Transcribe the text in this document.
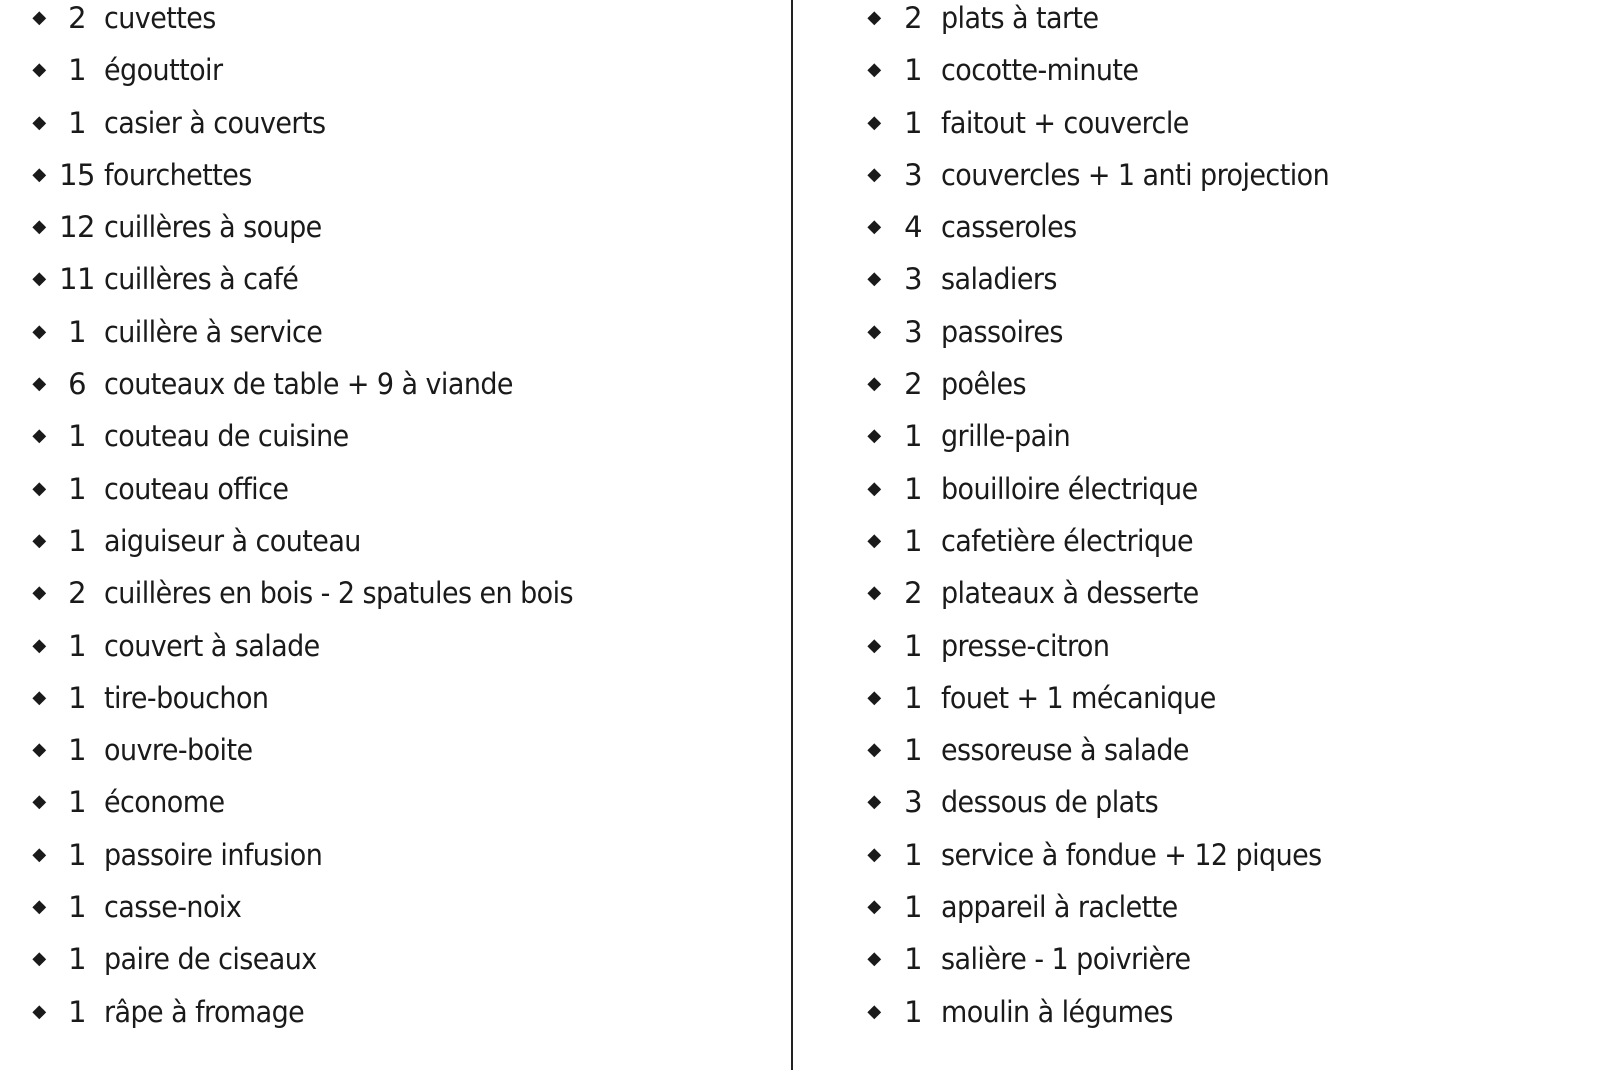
◆ 2 cuvettes
◆ 1 égouttoir
◆ 1 casier à couverts
◆ 15 fourchettes
◆ 12 cuillères à soupe
◆ 11 cuillères à café
◆ 1 cuillère à service
◆ 6 couteaux de table + 9 à viande
◆ 1 couteau de cuisine
◆ 1 couteau office
◆ 1 aiguiseur à couteau
◆ 2 cuillères en bois - 2 spatules en bois
◆ 1 couvert à salade
◆ 1 tire-bouchon
◆ 1 ouvre-boite
◆ 1 économe
◆ 1 passoire infusion
◆ 1 casse-noix
◆ 1 paire de ciseaux
◆ 1 râpe à fromage
◆ 2 plats à tarte
◆ 1 cocotte-minute
◆ 1 faitout + couvercle
◆ 3 couvercles + 1 anti projection
◆ 4 casseroles
◆ 3 saladiers
◆ 3 passoires
◆ 2 poêles
◆ 1 grille-pain
◆ 1 bouilloire électrique
◆ 1 cafetière électrique
◆ 2 plateaux à desserte
◆ 1 presse-citron
◆ 1 fouet + 1 mécanique
◆ 1 essoreuse à salade
◆ 3 dessous de plats
◆ 1 service à fondue + 12 piques
◆ 1 appareil à raclette
◆ 1 salière - 1 poivrière
◆ 1 moulin à légumes
